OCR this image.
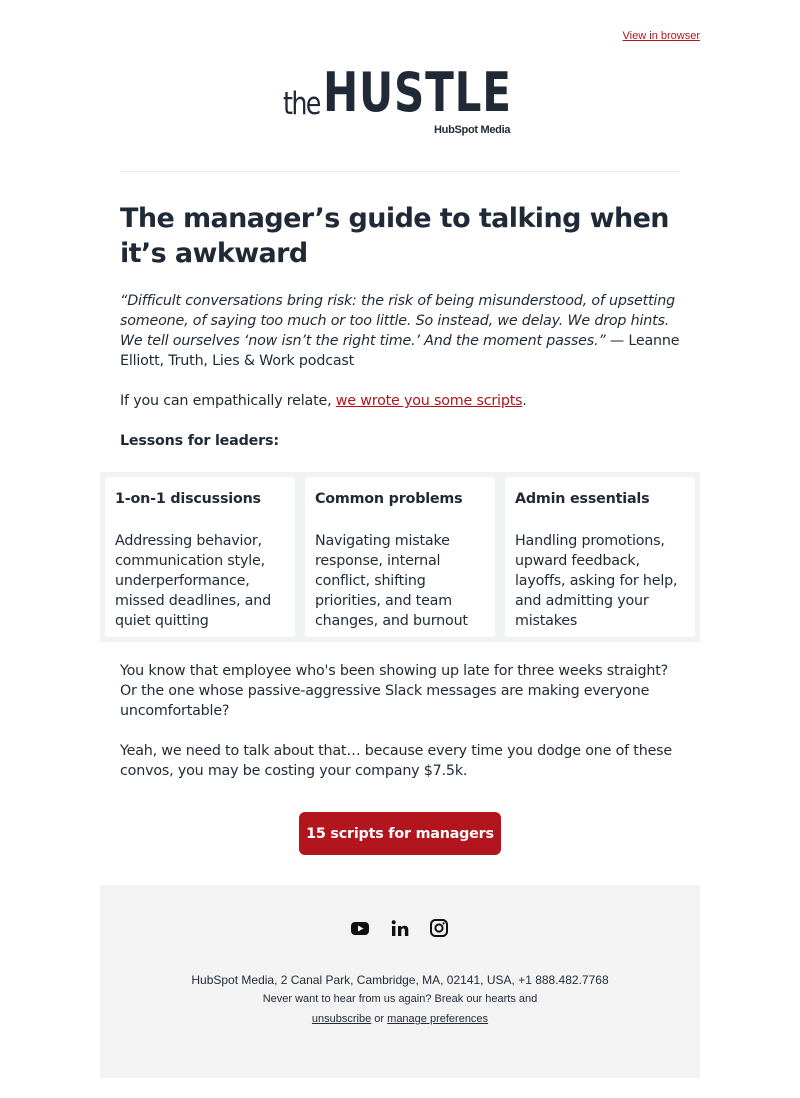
View in browser
the HUSTLE
HubSpot Media
The manager’s guide to talking when it’s awkward
“Difficult conversations bring risk: the risk of being misunderstood, of upsetting someone, of saying too much or too little. So instead, we delay. We drop hints. We tell ourselves ‘now isn’t the right time.’ And the moment passes.” — Leanne Elliott, Truth, Lies & Work podcast
If you can empathically relate, we wrote you some scripts.
Lessons for leaders:
1-on-1 discussions
Addressing behavior, communication style, underperformance, missed deadlines, and quiet quitting
Common problems
Navigating mistake response, internal conflict, shifting priorities, and team changes, and burnout
Admin essentials
Handling promotions, upward feedback, layoffs, asking for help, and admitting your mistakes
You know that employee who's been showing up late for three weeks straight? Or the one whose passive-aggressive Slack messages are making everyone uncomfortable?
Yeah, we need to talk about that… because every time you dodge one of these convos, you may be costing your company $7.5k.
15 scripts for managers
HubSpot Media, 2 Canal Park, Cambridge, MA, 02141, USA, +1 888.482.7768
Never want to hear from us again? Break our hearts and
unsubscribe or manage preferences
